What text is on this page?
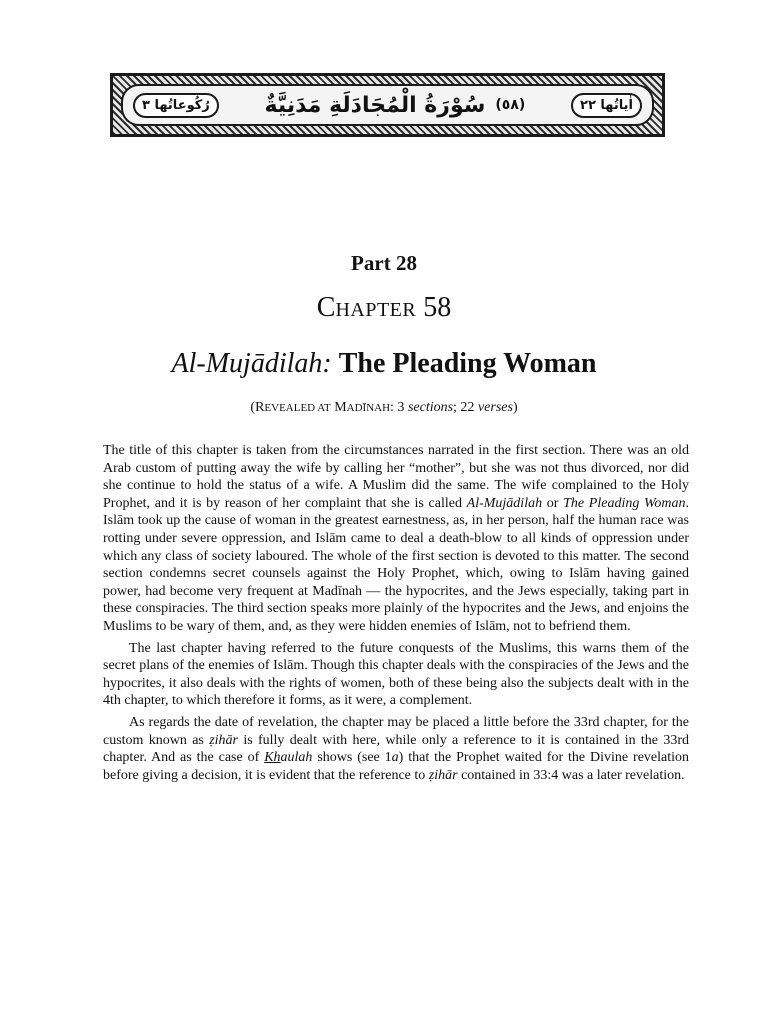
رُكُوعاتُها ٣	سُوْرَةُ الْمُجَادَلَةِ مَدَنِيَّةٌ (٥٨)	اٰیاتُها ٢٢
Part 28
CHAPTER 58
Al-Mujādilah: The Pleading Woman
(REVEALED AT MADĪNAH: 3 sections; 22 verses)

The title of this chapter is taken from the circumstances narrated in the first section. There was an old Arab custom of putting away the wife by calling her “mother”, but she was not thus divorced, nor did she continue to hold the status of a wife. A Muslim did the same. The wife complained to the Holy Prophet, and it is by reason of her complaint that she is called Al-Mujādilah or The Pleading Woman. Islām took up the cause of woman in the greatest earnestness, as, in her person, half the human race was rotting under severe oppression, and Islām came to deal a death-blow to all kinds of oppression under which any class of society laboured. The whole of the first section is devoted to this matter. The second section condemns secret counsels against the Holy Prophet, which, owing to Islām having gained power, had become very frequent at Madīnah — the hypocrites, and the Jews especially, taking part in these conspiracies. The third section speaks more plainly of the hypocrites and the Jews, and enjoins the Muslims to be wary of them, and, as they were hidden enemies of Islām, not to befriend them.

The last chapter having referred to the future conquests of the Muslims, this warns them of the secret plans of the enemies of Islām. Though this chapter deals with the conspiracies of the Jews and the hypocrites, it also deals with the rights of women, both of these being also the subjects dealt with in the 4th chapter, to which therefore it forms, as it were, a complement.

As regards the date of revelation, the chapter may be placed a little before the 33rd chapter, for the custom known as ẓihār is fully dealt with here, while only a reference to it is contained in the 33rd chapter. And as the case of Khaulah shows (see 1a) that the Prophet waited for the Divine revelation before giving a decision, it is evident that the reference to ẓihār contained in 33:4 was a later revelation.
